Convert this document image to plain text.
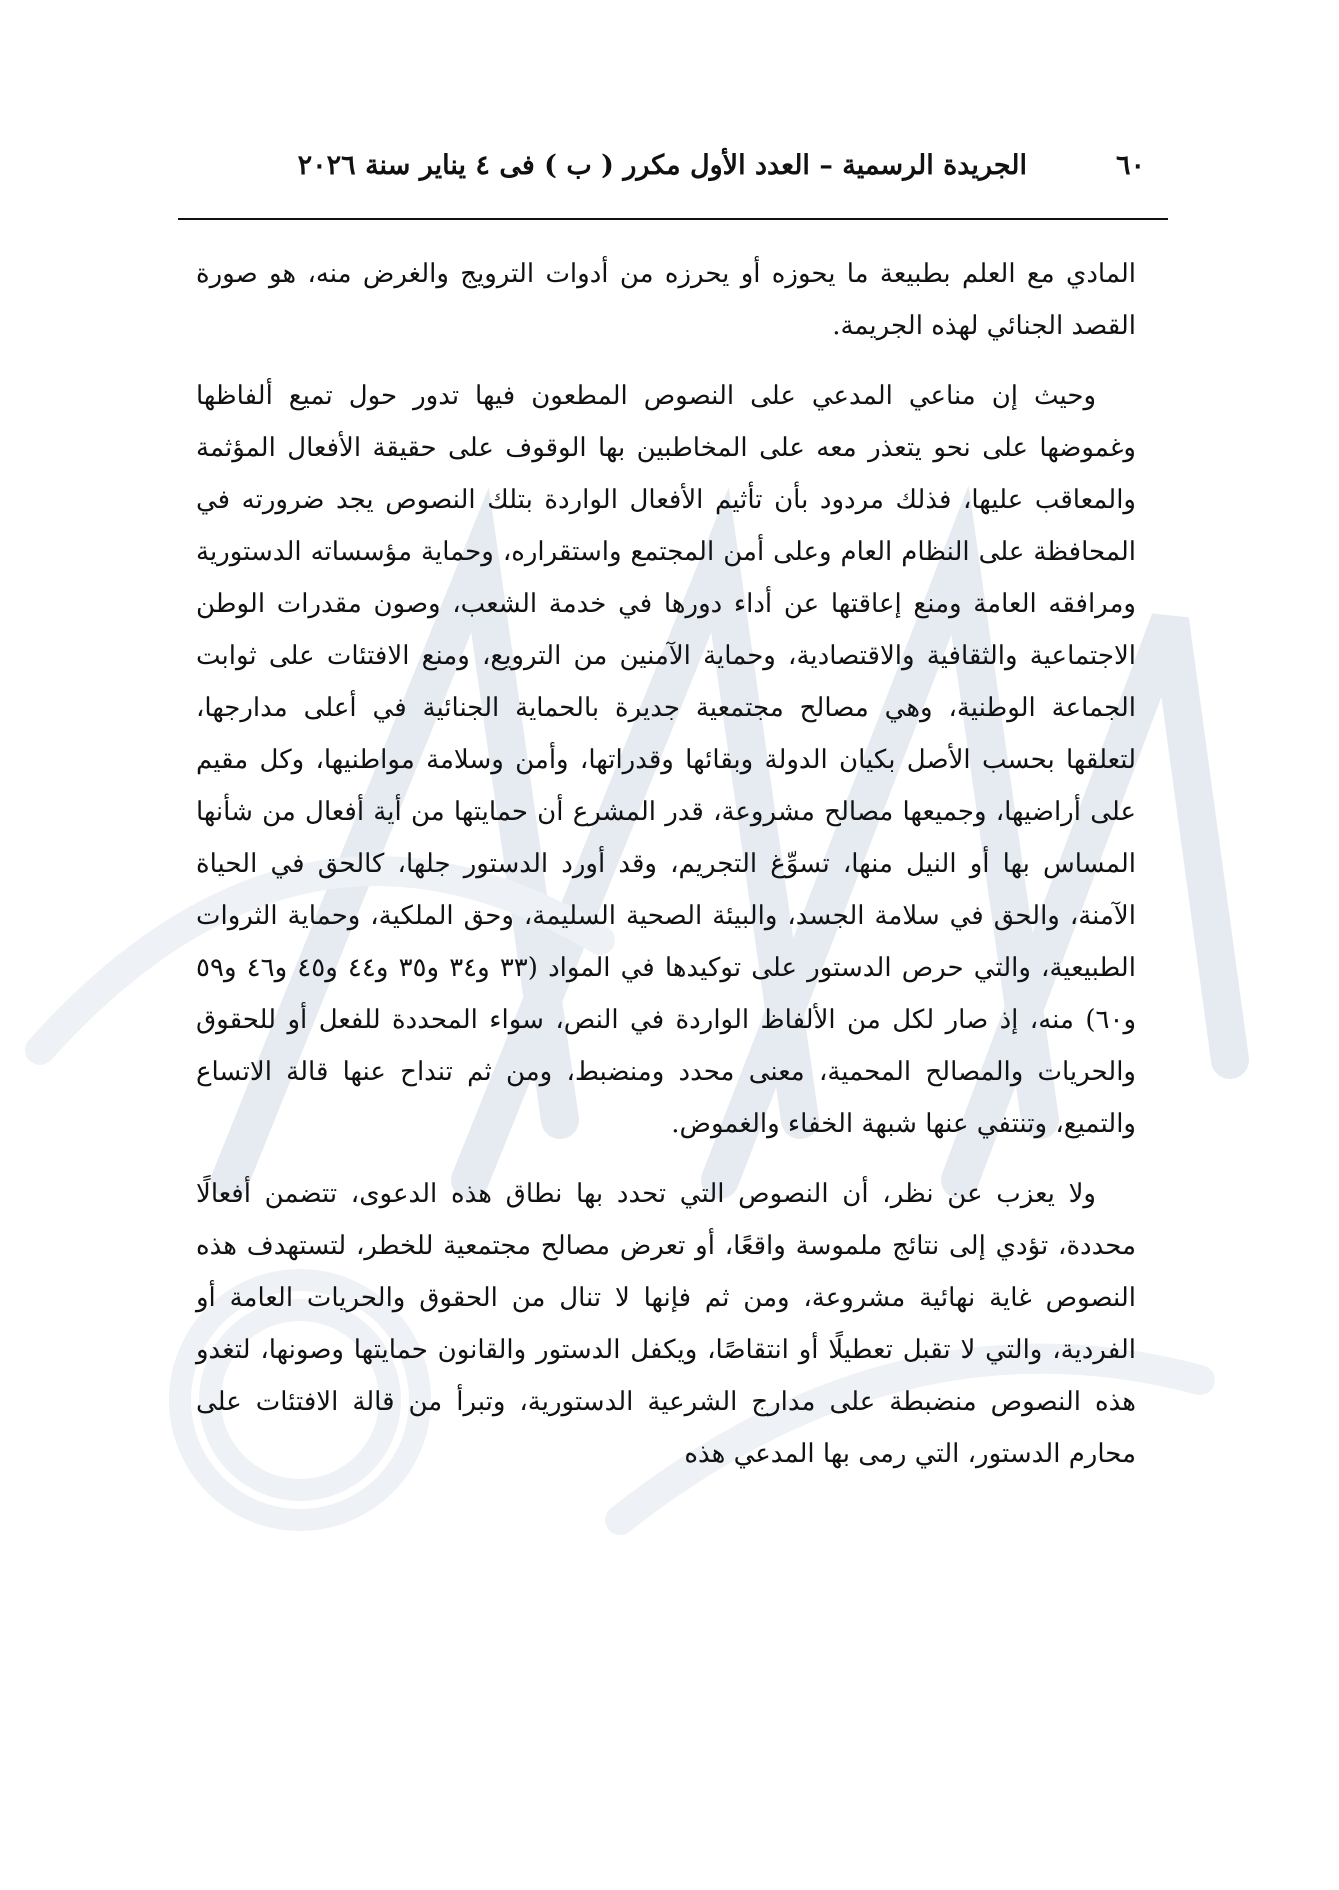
٦٠
الجريدة الرسمية – العدد الأول مكرر ( ب ) فى ٤ يناير سنة ٢٠٢٦

المادي مع العلم بطبيعة ما يحوزه أو يحرزه من أدوات الترويج والغرض منه، هو صورة القصد الجنائي لهذه الجريمة.

وحيث إن مناعي المدعي على النصوص المطعون فيها تدور حول تميع ألفاظها وغموضها على نحو يتعذر معه على المخاطبين بها الوقوف على حقيقة الأفعال المؤثمة والمعاقب عليها، فذلك مردود بأن تأثيم الأفعال الواردة بتلك النصوص يجد ضرورته في المحافظة على النظام العام وعلى أمن المجتمع واستقراره، وحماية مؤسساته الدستورية ومرافقه العامة ومنع إعاقتها عن أداء دورها في خدمة الشعب، وصون مقدرات الوطن الاجتماعية والثقافية والاقتصادية، وحماية الآمنين من الترويع، ومنع الافتئات على ثوابت الجماعة الوطنية، وهي مصالح مجتمعية جديرة بالحماية الجنائية في أعلى مدارجها، لتعلقها بحسب الأصل بكيان الدولة وبقائها وقدراتها، وأمن وسلامة مواطنيها، وكل مقيم على أراضيها، وجميعها مصالح مشروعة، قدر المشرع أن حمايتها من أية أفعال من شأنها المساس بها أو النيل منها، تسوِّغ التجريم، وقد أورد الدستور جلها، كالحق في الحياة الآمنة، والحق في سلامة الجسد، والبيئة الصحية السليمة، وحق الملكية، وحماية الثروات الطبيعية، والتي حرص الدستور على توكيدها في المواد (٣٣ و٣٤ و٣٥ و٤٤ و٤٥ و٤٦ و٥٩ و٦٠) منه، إذ صار لكل من الألفاظ الواردة في النص، سواء المحددة للفعل أو للحقوق والحريات والمصالح المحمية، معنى محدد ومنضبط، ومن ثم تنداح عنها قالة الاتساع والتميع، وتنتفي عنها شبهة الخفاء والغموض.

ولا يعزب عن نظر، أن النصوص التي تحدد بها نطاق هذه الدعوى، تتضمن أفعالًا محددة، تؤدي إلى نتائج ملموسة واقعًا، أو تعرض مصالح مجتمعية للخطر، لتستهدف هذه النصوص غاية نهائية مشروعة، ومن ثم فإنها لا تنال من الحقوق والحريات العامة أو الفردية، والتي لا تقبل تعطيلًا أو انتقاصًا، ويكفل الدستور والقانون حمايتها وصونها، لتغدو هذه النصوص منضبطة على مدارج الشرعية الدستورية، وتبرأ من قالة الافتئات على محارم الدستور، التي رمى بها المدعي هذه
